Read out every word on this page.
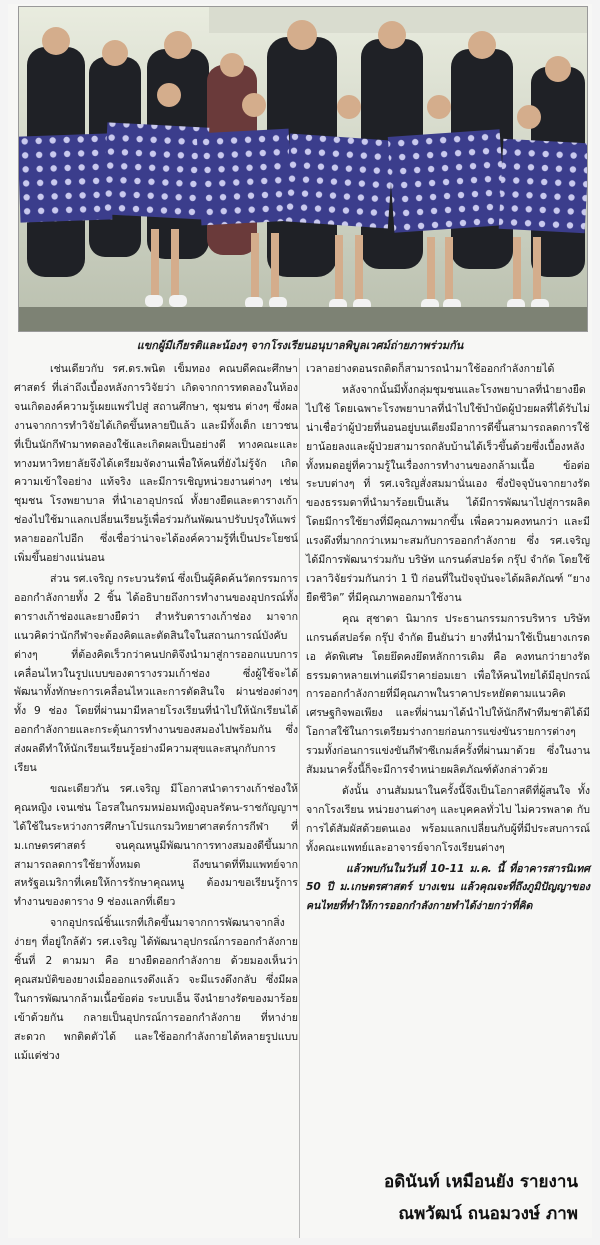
แขกผู้มีเกียรติและน้องๆ จากโรงเรียนอนุบาลพิบูลเวศม์ถ่ายภาพร่วมกัน

เช่นเดียวกับ รศ.ดร.พนิต เข็มทอง คณบดีคณะศึกษาศาสตร์ ที่เล่าถึงเบื้องหลังการวิจัยว่า เกิดจากการทดลองในห้อง จนเกิดองค์ความรู้เผยแพร่ไปสู่ สถานศึกษา, ชุมชน ต่างๆ ซึ่งผลงานจากการทำวิจัยได้เกิดขึ้นหลายปีแล้ว และมีทั้งเด็ก เยาวชน ที่เป็นนักกีฬามาทดลองใช้และเกิดผลเป็นอย่างดี ทางคณะและทางมหาวิทยาลัยจึงได้เตรียมจัดงานเพื่อให้คนที่ยังไม่รู้จัก เกิดความเข้าใจอย่าง แท้จริง และมีการเชิญหน่วยงานต่างๆ เช่น ชุมชน โรงพยาบาล ที่นำเอาอุปกรณ์ ทั้งยางยืดและตารางเก้าช่องไปใช้มาแลกเปลี่ยนเรียนรู้เพื่อร่วมกันพัฒนาปรับปรุงให้แพร่หลายออกไปอีก ซึ่งเชื่อว่าน่าจะได้องค์ความรู้ที่เป็นประโยชน์เพิ่มขึ้นอย่างแน่นอน

ส่วน รศ.เจริญ กระบวนรัตน์ ซึ่งเป็นผู้คิดค้นวัตกรรมการออกกำลังกายทั้ง 2 ชิ้น ได้อธิบายถึงการทำงานของอุปกรณ์ทั้งตารางเก้าช่องและยางยืดว่า สำหรับตารางเก้าช่อง มาจากแนวคิดว่านักกีฬาจะต้องคิดและตัดสินใจในสถานการณ์บังคับต่างๆ ที่ต้องคิดเร็วกว่าคนปกติจึงนำมาสู่การออกแบบการเคลื่อนไหวในรูปแบบของตารางรวมเก้าช่อง ซึ่งผู้ใช้จะได้พัฒนาทั้งทักษะการเคลื่อนไหวและการตัดสินใจ ผ่านช่องต่างๆ ทั้ง 9 ช่อง โดยที่ผ่านมามีหลายโรงเรียนที่นำไปให้นักเรียนได้ออกกำลังกายและกระตุ้นการทำงานของสมองไปพร้อมกัน ซึ่งส่งผลดีทำให้นักเรียนเรียนรู้อย่างมีความสุขและสนุกกับการเรียน

ขณะเดียวกัน รศ.เจริญ มีโอกาสนำตารางเก้าช่องให้ คุณหญิง เจนเซ่น โอรสในกรมหม่อมหญิงอุบลรัตน-ราชกัญญาฯ ได้ใช้ในระหว่างการศึกษาโปรแกรมวิทยาศาสตร์การกีฬา ที่ ม.เกษตรศาสตร์ จนคุณหนูมีพัฒนาการทางสมองดีขึ้นมาก สามารถลดการใช้ยาทั้งหมด ถึงขนาดที่ทีมแพทย์จากสหรัฐอเมริกาที่เคยให้การรักษาคุณหนู ต้องมาขอเรียนรู้การทำงานของตาราง 9 ช่องแลกที่เดียว

จากอุปกรณ์ชิ้นแรกที่เกิดขึ้นมาจากการพัฒนาจากสิ่งง่ายๆ ที่อยู่ใกล้ตัว รศ.เจริญ ได้พัฒนาอุปกรณ์การออกกำลังกายชิ้นที่ 2 ตามมา คือ ยางยืดออกกำลังกาย ด้วยมองเห็นว่า คุณสมบัติของยางเมื่อออกแรงดึงแล้ว จะมีแรงดึงกลับ ซึ่งมีผลในการพัฒนากล้ามเนื้อข้อต่อ ระบบเอ็น จึงนำยางรัดของมาร้อยเข้าด้วยกัน กลายเป็นอุปกรณ์การออกกำลังกาย ที่หาง่าย สะดวก พกติดตัวได้ และใช้ออกกำลังกายได้หลายรูปแบบ แม้แต่ช่วง

เวลาอย่างตอนรถติดก็สามารถนำมาใช้ออกกำลังกายได้

หลังจากนั้นมีทั้งกลุ่มชุมชนและโรงพยาบาลที่นำยางยืดไปใช้ โดยเฉพาะโรงพยาบาลที่นำไปใช้บำบัดผู้ป่วยผลที่ได้รับไม่น่าเชื่อว่าผู้ป่วยที่นอนอยู่บนเตียงมีอาการดีขึ้นสามารถลดการใช้ยาน้อยลงและผู้ป่วยสามารถกลับบ้านได้เร็วขึ้นด้วยซึ่งเบื้องหลังทั้งหมดอยู่ที่ความรู้ในเรื่องการทำงานของกล้ามเนื้อ ข้อต่อ ระบบต่างๆ ที่ รศ.เจริญสั่งสมมานั่นเอง ซึ่งปัจจุบันจากยางรัดของธรรมดาที่นำมาร้อยเป็นเส้น ได้มีการพัฒนาไปสู่การผลิตโดยมีการใช้ยางที่มีคุณภาพมากขึ้น เพื่อความคงทนกว่า และมีแรงดึงที่มากกว่าเหมาะสมกับการออกกำลังกาย ซึ่ง รศ.เจริญ ได้มีการพัฒนาร่วมกับ บริษัท แกรนด์สปอร์ต กรุ๊ป จำกัด โดยใช้เวลาวิจัยร่วมกันกว่า 1 ปี ก่อนที่ในปัจจุบันจะได้ผลิตภัณฑ์ “ยางยืดชีวิต” ที่มีคุณภาพออกมาใช้งาน

คุณ สุชาดา นิมากร ประธานกรรมการบริหาร บริษัท แกรนด์สปอร์ต กรุ๊ป จำกัด ยืนยันว่า ยางที่นำมาใช้เป็นยางเกรดเอ คัดพิเศษ โดยยึดคงยึดหลักการเดิม คือ คงทนกว่ายางรัดธรรมดาหลายเท่าแต่มีราคาย่อมเยา เพื่อให้คนไทยได้มีอุปกรณ์การออกกำลังกายที่มีคุณภาพในราคาประหยัดตามแนวคิดเศรษฐกิจพอเพียง และที่ผ่านมาได้นำไปให้นักกีฬาทีมชาติได้มีโอกาสใช้ในการเตรียมร่างกายก่อนการแข่งขันรายการต่างๆ รวมทั้งก่อนการแข่งขันกีฬาซีเกมส์ครั้งที่ผ่านมาด้วย ซึ่งในงานสัมมนาครั้งนี้ก็จะมีการจำหน่ายผลิตภัณฑ์ดังกล่าวด้วย

ดังนั้น งานสัมมนาในครั้งนี้จึงเป็นโอกาสดีที่ผู้สนใจ ทั้งจากโรงเรียน หน่วยงานต่างๆ และบุคคลทั่วไป ไม่ควรพลาด กับการได้สัมผัสด้วยตนเอง พร้อมแลกเปลี่ยนกับผู้ที่มีประสบการณ์ ทั้งคณะแพทย์และอาจารย์จากโรงเรียนต่างๆ

แล้วพบกันในวันที่ 10-11 ม.ค. นี้ ที่อาคารสารนิเทศ 50 ปี ม.เกษตรศาสตร์ บางเขน แล้วคุณจะที่ถึงภูมิปัญญาของคนไทยที่ทำให้การออกกำลังกายทำได้ง่ายกว่าที่คิด

อดินันท์ เหมือนยัง รายงาน
ณพวัฒน์ ถนอมวงษ์ ภาพ
